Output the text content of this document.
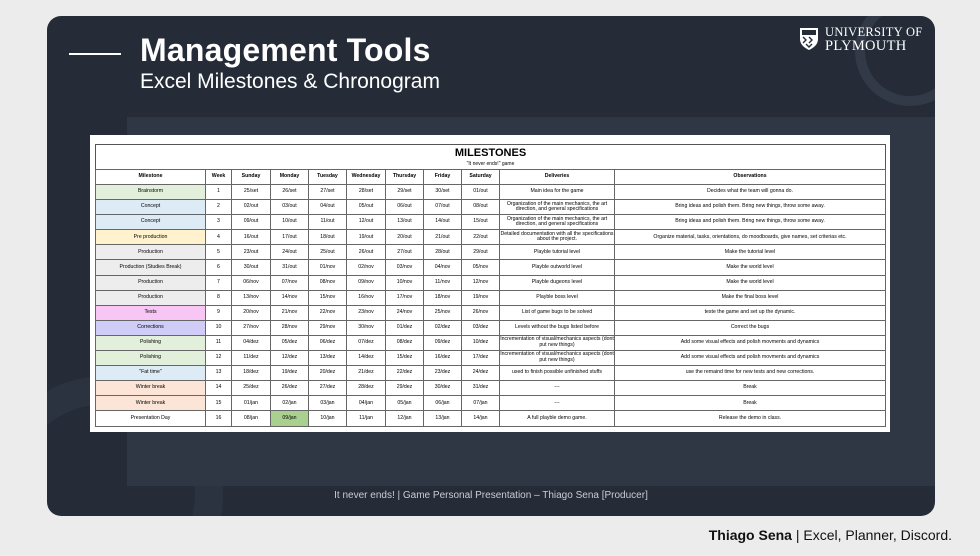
Management Tools
Excel Milestones & Chronogram
UNIVERSITY OF
PLYMOUTH
MILESTONES
"It never ends!" game
Milestone	Week	Sunday	Monday	Tuesday	Wednesday	Thursday	Friday	Saturday	Deliveries	Observations
Brainstorm	1	25/set	26/set	27/set	28/set	29/set	30/set	01/out	Main idea for the game	Decides what the team will gonna do.
Concept	2	02/out	03/out	04/out	05/out	06/out	07/out	08/out	Organization of the main mechanics, the art direction, and general specifications	Bring ideas and polish them. Bring new things, throw some away.
Concept	3	09/out	10/out	11/out	12/out	13/out	14/out	15/out	Organization of the main mechanics, the art direction, and general specifications	Bring ideas and polish them. Bring new things, throw some away.
Pre production	4	16/out	17/out	18/out	19/out	20/out	21/out	22/out	Detailed documentation with all the specifications about the project.	Organize material, tasks, orientations, do moodboards, give names, set criterias etc.
Production	5	23/out	24/out	25/out	26/out	27/out	28/out	29/out	Playble tutorial level	Make the tutorial level
Production (Studies Break)	6	30/out	31/out	01/nov	02/nov	03/nov	04/nov	05/nov	Playble outworld level	Make the world level
Production	7	06/nov	07/nov	08/nov	09/nov	10/nov	11/nov	12/nov	Playble dugeons level	Make the world level
Production	8	13/nov	14/nov	15/nov	16/nov	17/nov	18/nov	19/nov	Playble boss level	Make the final boss level
Tests	9	20/nov	21/nov	22/nov	23/nov	24/nov	25/nov	26/nov	List of game bugs to be solved	teste the game and set up the dynamic.
Corrections	10	27/nov	28/nov	29/nov	30/nov	01/dez	02/dez	03/dez	Levels without the bugs listed before	Correct the bugs
Polishing	11	04/dez	05/dez	06/dez	07/dez	08/dez	09/dez	10/dez	Incrementation of visual/mechanics aspects (dont put new things)	Add some visual effects and polish movments and dynamics
Polishing	12	11/dez	12/dez	13/dez	14/dez	15/dez	16/dez	17/dez	Incrementation of visual/mechanics aspects (dont put new things)	Add some visual effects and polish movments and dynamics
"Fat time"	13	18/dez	19/dez	20/dez	21/dez	22/dez	23/dez	24/dez	used to finish possible unfinished stuffs	use the remaind time for new tests and new corrections.
Winter break	14	25/dez	26/dez	27/dez	28/dez	29/dez	30/dez	31/dez	---	Break
Winter break	15	01/jan	02/jan	03/jan	04/jan	05/jan	06/jan	07/jan	---	Break
Presentation Day	16	08/jan	09/jan	10/jan	11/jan	12/jan	13/jan	14/jan	A full playble demo game.	Release the demo in class.
It never ends! | Game Personal Presentation – Thiago Sena [Producer]
Thiago Sena | Excel, Planner, Discord.
